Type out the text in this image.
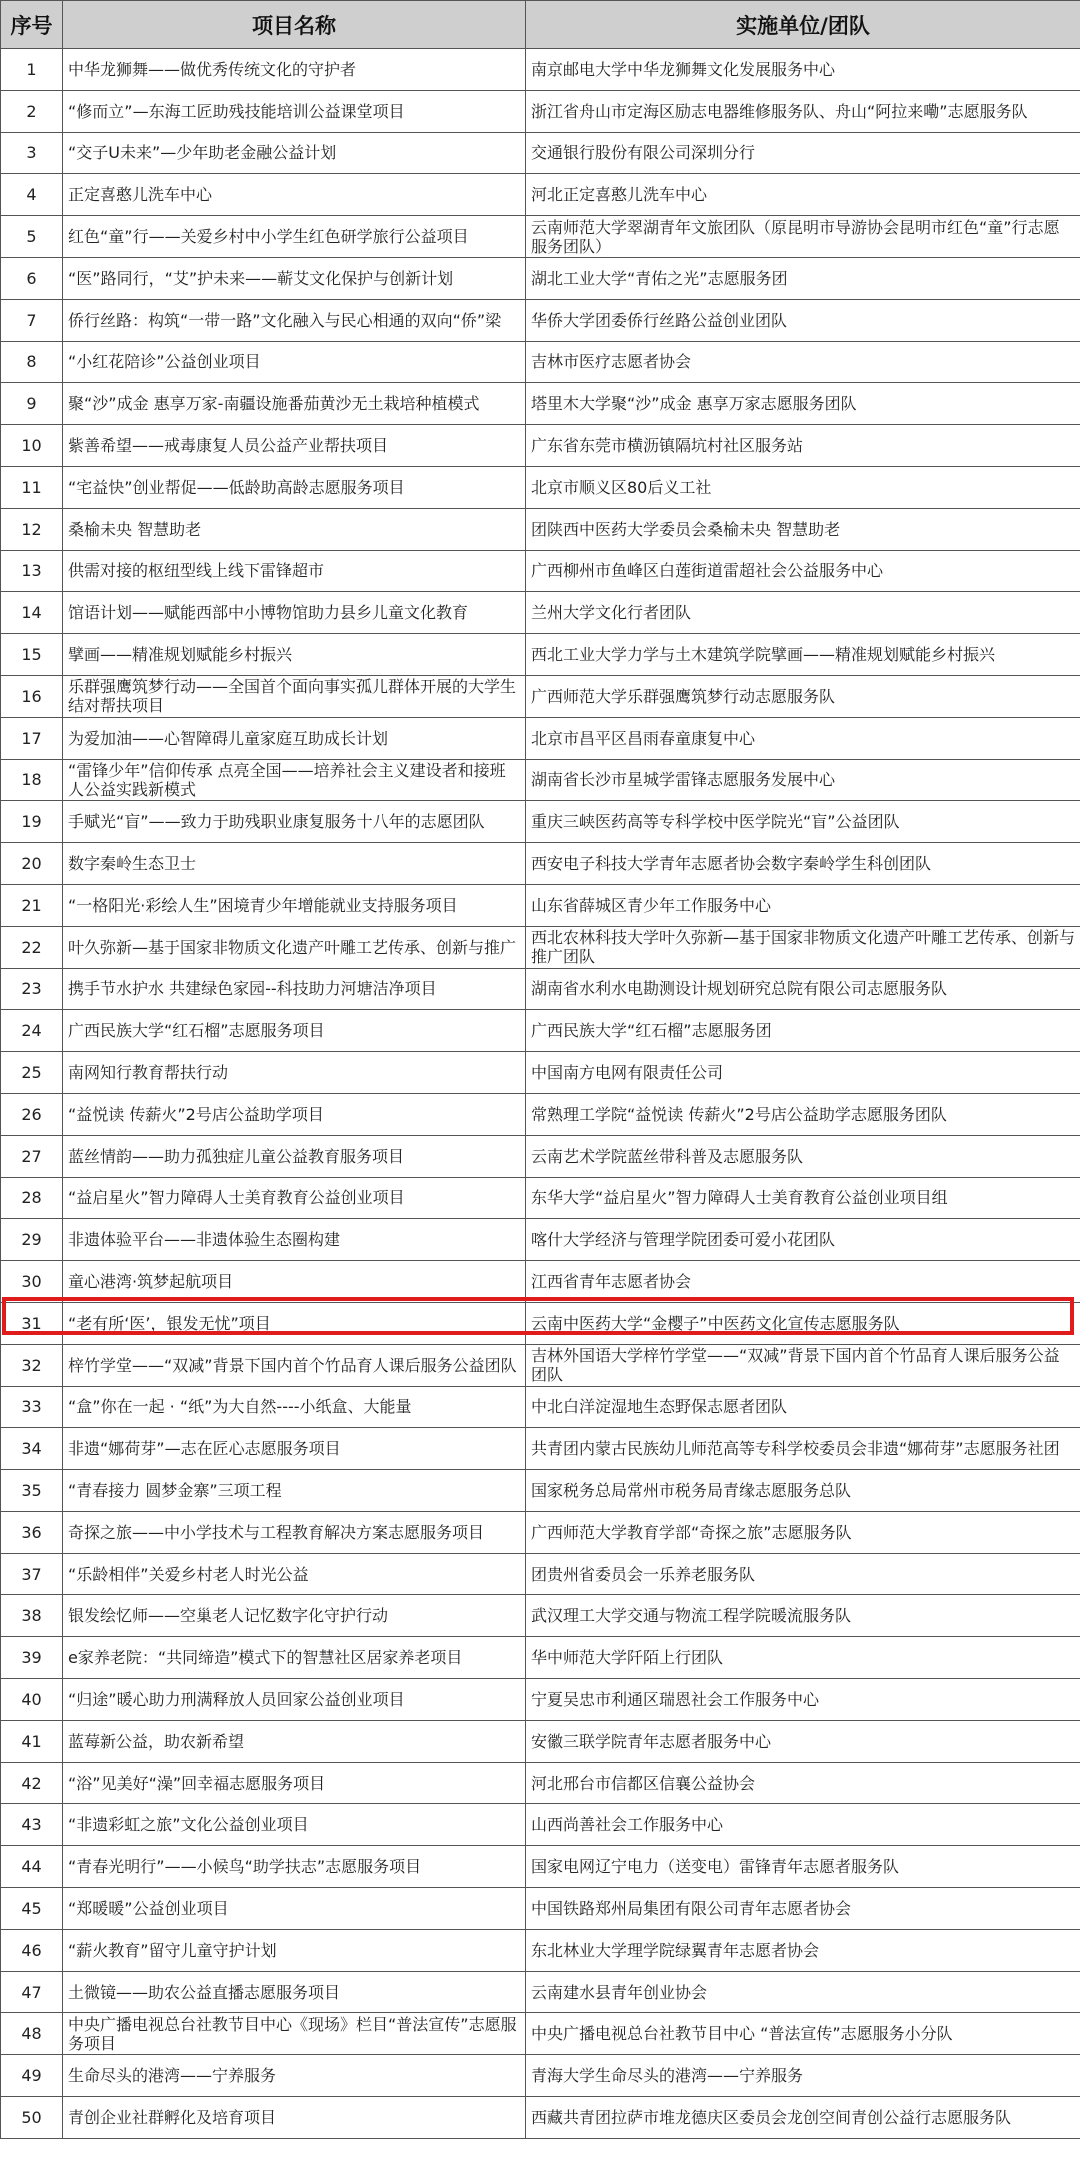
序号	项目名称	实施单位/团队
1	中华龙狮舞——做优秀传统文化的守护者	南京邮电大学中华龙狮舞文化发展服务中心
2	“修而立”—东海工匠助残技能培训公益课堂项目	浙江省舟山市定海区励志电器维修服务队、舟山“阿拉来嘞”志愿服务队
3	“交子U未来”—少年助老金融公益计划	交通银行股份有限公司深圳分行
4	正定喜憨儿洗车中心	河北正定喜憨儿洗车中心
5	红色“童”行——关爱乡村中小学生红色研学旅行公益项目	云南师范大学翠湖青年文旅团队（原昆明市导游协会昆明市红色“童”行志愿服务团队）
6	“医”路同行，“艾”护未来——蕲艾文化保护与创新计划	湖北工业大学“青佑之光”志愿服务团
7	侨行丝路：构筑“一带一路”文化融入与民心相通的双向“侨”梁	华侨大学团委侨行丝路公益创业团队
8	“小红花陪诊”公益创业项目	吉林市医疗志愿者协会
9	聚“沙”成金 惠享万家-南疆设施番茄黄沙无土栽培种植模式	塔里木大学聚“沙”成金 惠享万家志愿服务团队
10	紫善希望——戒毒康复人员公益产业帮扶项目	广东省东莞市横沥镇隔坑村社区服务站
11	“宅益快”创业帮促——低龄助高龄志愿服务项目	北京市顺义区80后义工社
12	桑榆未央 智慧助老	团陕西中医药大学委员会桑榆未央 智慧助老
13	供需对接的枢纽型线上线下雷锋超市	广西柳州市鱼峰区白莲街道雷超社会公益服务中心
14	馆语计划——赋能西部中小博物馆助力县乡儿童文化教育	兰州大学文化行者团队
15	擘画——精准规划赋能乡村振兴	西北工业大学力学与土木建筑学院擘画——精准规划赋能乡村振兴
16	乐群强鹰筑梦行动——全国首个面向事实孤儿群体开展的大学生结对帮扶项目	广西师范大学乐群强鹰筑梦行动志愿服务队
17	为爱加油——心智障碍儿童家庭互助成长计划	北京市昌平区昌雨春童康复中心
18	“雷锋少年”信仰传承 点亮全国——培养社会主义建设者和接班人公益实践新模式	湖南省长沙市星城学雷锋志愿服务发展中心
19	手赋光“盲”——致力于助残职业康复服务十八年的志愿团队	重庆三峡医药高等专科学校中医学院光“盲”公益团队
20	数字秦岭生态卫士	西安电子科技大学青年志愿者协会数字秦岭学生科创团队
21	“一格阳光·彩绘人生”困境青少年增能就业支持服务项目	山东省薛城区青少年工作服务中心
22	叶久弥新—基于国家非物质文化遗产叶雕工艺传承、创新与推广	西北农林科技大学叶久弥新—基于国家非物质文化遗产叶雕工艺传承、创新与推广团队
23	携手节水护水 共建绿色家园--科技助力河塘洁净项目	湖南省水利水电勘测设计规划研究总院有限公司志愿服务队
24	广西民族大学“红石榴”志愿服务项目	广西民族大学“红石榴”志愿服务团
25	南网知行教育帮扶行动	中国南方电网有限责任公司
26	“益悦读 传薪火”2号店公益助学项目	常熟理工学院“益悦读 传薪火”2号店公益助学志愿服务团队
27	蓝丝情韵——助力孤独症儿童公益教育服务项目	云南艺术学院蓝丝带科普及志愿服务队
28	“益启星火”智力障碍人士美育教育公益创业项目	东华大学“益启星火”智力障碍人士美育教育公益创业项目组
29	非遗体验平台——非遗体验生态圈构建	喀什大学经济与管理学院团委可爱小花团队
30	童心港湾·筑梦起航项目	江西省青年志愿者协会
31	“老有所‘医’，银发无忧”项目	云南中医药大学“金樱子”中医药文化宣传志愿服务队
32	梓竹学堂——“双减”背景下国内首个竹品育人课后服务公益团队	吉林外国语大学梓竹学堂——“双减”背景下国内首个竹品育人课后服务公益团队
33	“盒”你在一起 · “纸”为大自然----小纸盒、大能量	中北白洋淀湿地生态野保志愿者团队
34	非遗“娜荷芽”—志在匠心志愿服务项目	共青团内蒙古民族幼儿师范高等专科学校委员会非遗“娜荷芽”志愿服务社团
35	“青春接力 圆梦金寨”三项工程	国家税务总局常州市税务局青缘志愿服务总队
36	奇探之旅——中小学技术与工程教育解决方案志愿服务项目	广西师范大学教育学部“奇探之旅”志愿服务队
37	“乐龄相伴”关爱乡村老人时光公益	团贵州省委员会一乐养老服务队
38	银发绘忆师——空巢老人记忆数字化守护行动	武汉理工大学交通与物流工程学院暖流服务队
39	e家养老院：“共同缔造”模式下的智慧社区居家养老项目	华中师范大学阡陌上行团队
40	“归途”暖心助力刑满释放人员回家公益创业项目	宁夏吴忠市利通区瑞恩社会工作服务中心
41	蓝莓新公益，助农新希望	安徽三联学院青年志愿者服务中心
42	“浴”见美好“澡”回幸福志愿服务项目	河北邢台市信都区信襄公益协会
43	“非遗彩虹之旅”文化公益创业项目	山西尚善社会工作服务中心
44	“青春光明行”——小候鸟“助学扶志”志愿服务项目	国家电网辽宁电力（送变电）雷锋青年志愿者服务队
45	“郑暖暖”公益创业项目	中国铁路郑州局集团有限公司青年志愿者协会
46	“薪火教育”留守儿童守护计划	东北林业大学理学院绿翼青年志愿者协会
47	土微镜——助农公益直播志愿服务项目	云南建水县青年创业协会
48	中央广播电视总台社教节目中心《现场》栏目“普法宣传”志愿服务项目	中央广播电视总台社教节目中心 “普法宣传”志愿服务小分队
49	生命尽头的港湾——宁养服务	青海大学生命尽头的港湾——宁养服务
50	青创企业社群孵化及培育项目	西藏共青团拉萨市堆龙德庆区委员会龙创空间青创公益行志愿服务队
